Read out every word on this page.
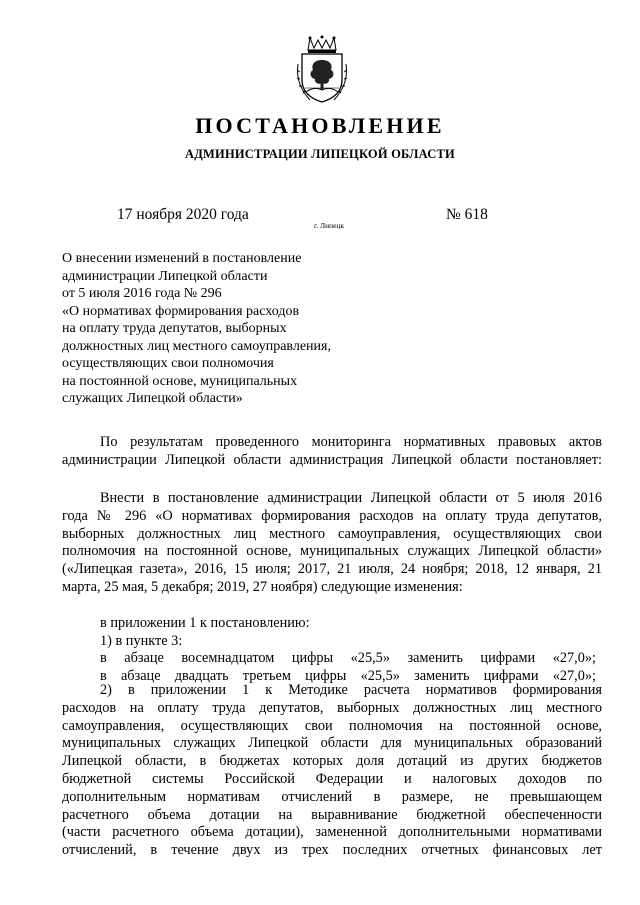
ПОСТАНОВЛЕНИЕ
АДМИНИСТРАЦИИ ЛИПЕЦКОЙ ОБЛАСТИ
17 ноября 2020 года
г. Липецк
№ 618
О внесении изменений в постановление
администрации Липецкой области
от 5 июля 2016 года № 296
«О нормативах формирования расходов
на оплату труда депутатов, выборных
должностных лиц местного самоуправления,
осуществляющих свои полномочия
на постоянной основе, муниципальных
служащих Липецкой области»
По результатам проведенного мониторинга нормативных правовых актов
администрации Липецкой области администрация Липецкой области постановляет:
Внести в постановление администрации Липецкой области от 5 июля 2016
года № 296 «О нормативах формирования расходов на оплату труда депутатов,
выборных должностных лиц местного самоуправления, осуществляющих свои
полномочия на постоянной основе, муниципальных служащих Липецкой области»
(«Липецкая газета», 2016, 15 июля; 2017, 21 июля, 24 ноября; 2018, 12 января, 21
марта, 25 мая, 5 декабря; 2019, 27 ноября) следующие изменения:
в приложении 1 к постановлению:
1) в пункте 3:
в абзаце восемнадцатом цифры «25,5» заменить цифрами «27,0»;
в абзаце двадцать третьем цифры «25,5» заменить цифрами «27,0»;
2) в приложении 1 к Методике расчета нормативов формирования
расходов на оплату труда депутатов, выборных должностных лиц местного
самоуправления, осуществляющих свои полномочия на постоянной основе,
муниципальных служащих Липецкой области для муниципальных образований
Липецкой области, в бюджетах которых доля дотаций из других бюджетов
бюджетной системы Российской Федерации и налоговых доходов по
дополнительным нормативам отчислений в размере, не превышающем
расчетного объема дотации на выравнивание бюджетной обеспеченности
(части расчетного объема дотации), замененной дополнительными нормативами
отчислений, в течение двух из трех последних отчетных финансовых лет
